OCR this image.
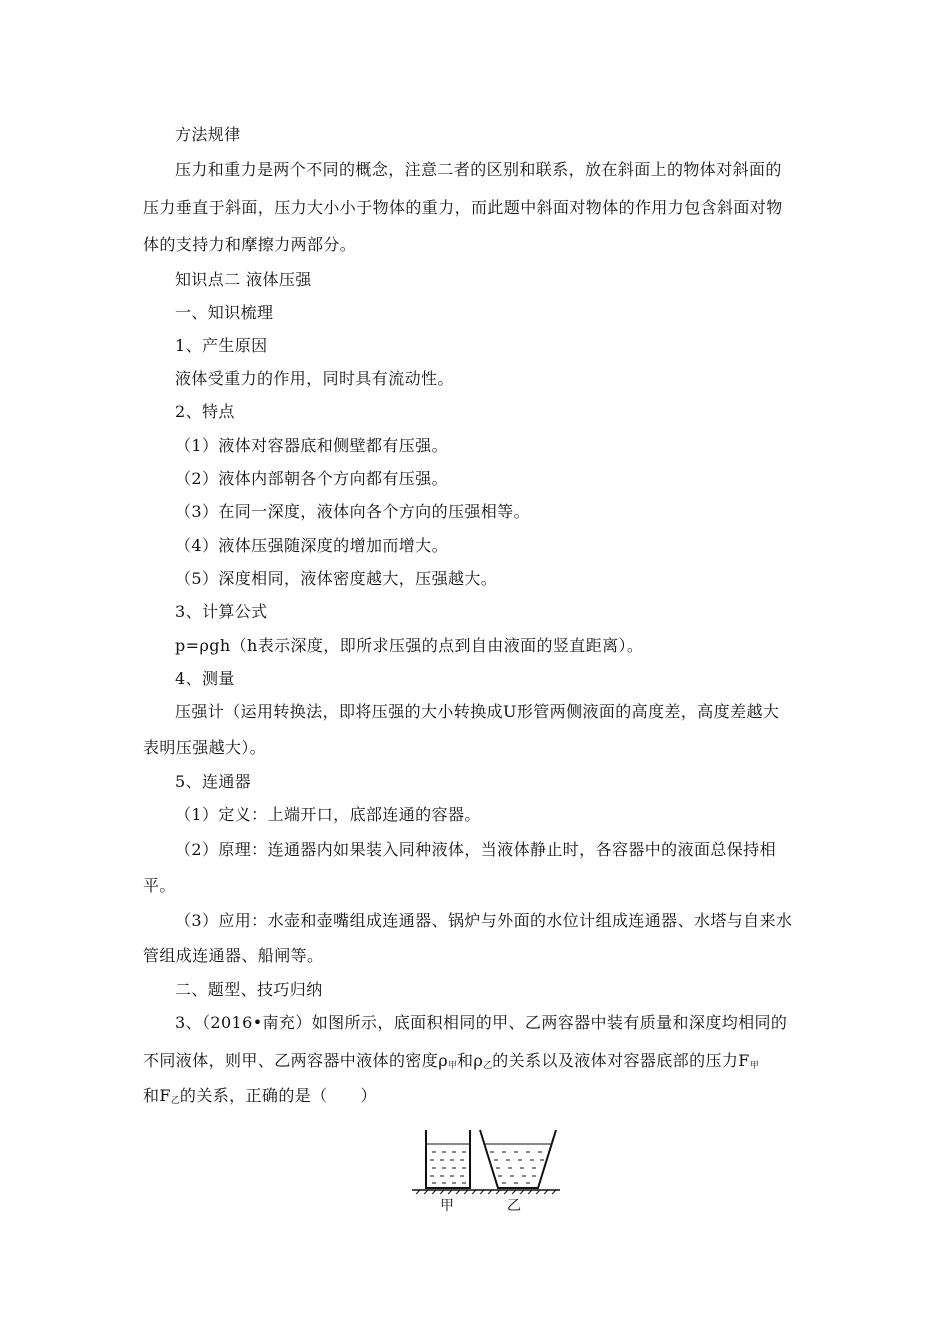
方法规律
压力和重力是两个不同的概念，注意二者的区别和联系，放在斜面上的物体对斜面的
压力垂直于斜面，压力大小小于物体的重力，而此题中斜面对物体的作用力包含斜面对物
体的支持力和摩擦力两部分。
知识点二 液体压强
一、知识梳理
1、产生原因
液体受重力的作用，同时具有流动性。
2、特点
（1）液体对容器底和侧壁都有压强。
（2）液体内部朝各个方向都有压强。
（3）在同一深度，液体向各个方向的压强相等。
（4）液体压强随深度的增加而增大。
（5）深度相同，液体密度越大，压强越大。
3、计算公式
p=ρgh（h表示深度，即所求压强的点到自由液面的竖直距离）。
4、测量
压强计（运用转换法，即将压强的大小转换成U形管两侧液面的高度差，高度差越大
表明压强越大）。
5、连通器
（1）定义：上端开口，底部连通的容器。
（2）原理：连通器内如果装入同种液体，当液体静止时，各容器中的液面总保持相
平。
（3）应用：水壶和壶嘴组成连通器、锅炉与外面的水位计组成连通器、水塔与自来水
管组成连通器、船闸等。
二、题型、技巧归纳
3、（2016•南充）如图所示，底面积相同的甲、乙两容器中装有质量和深度均相同的
不同液体，则甲、乙两容器中液体的密度$\rho_甲$和$\rho_乙$的关系以及液体对容器底部的压力$F_甲$
和$F_乙$的关系，正确的是（      ）
甲	乙
